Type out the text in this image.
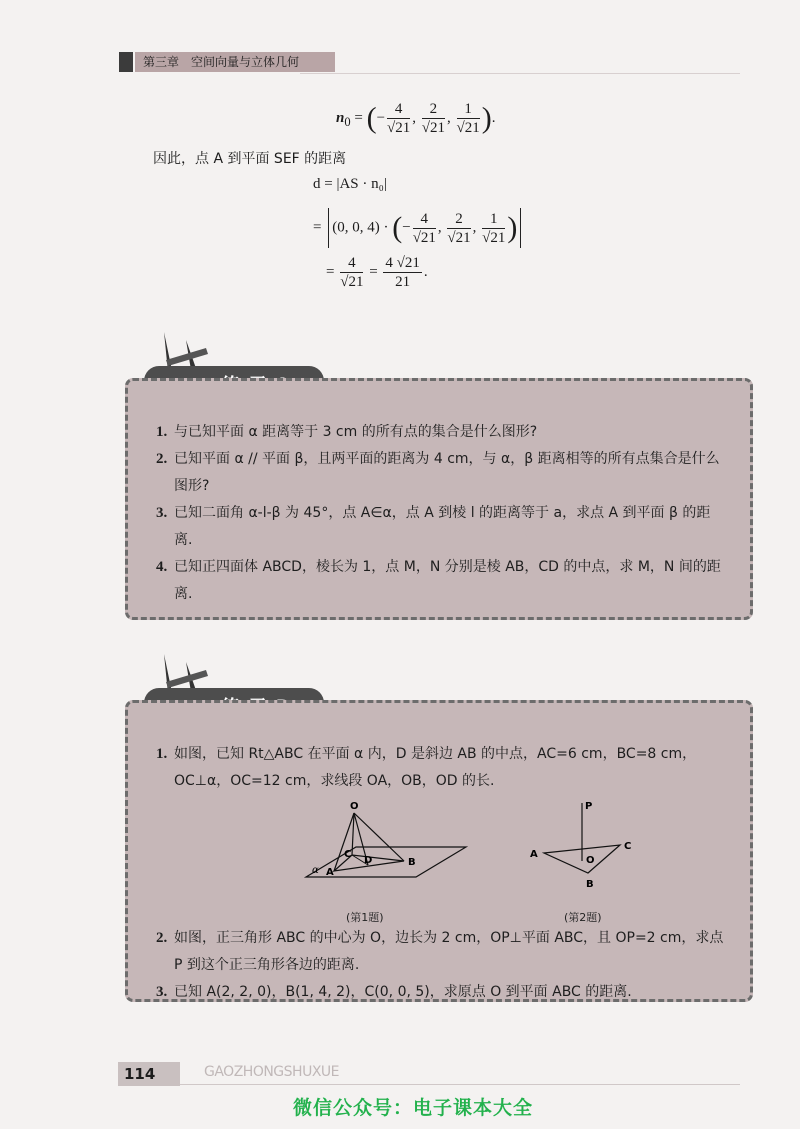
第三章　空间向量与立体几何
$n_0$ = (− $\frac{4}{√21}$ , $\frac{2}{√21}$ , $\frac{1}{√21}$ ).
因此，点 A 到平面 SEF 的距离
d = |AS · n₀|
= (0, 0, 4) · (− $\frac{4}{√21}$ , $\frac{2}{√21}$ , $\frac{1}{√21}$ )
= $\frac{4}{√21} = \frac{4 √21}{21}$ .
1. 与已知平面 α 距离等于 3 cm 的所有点的集合是什么图形?
2. 已知平面 α // 平面 β，且两平面的距离为 4 cm，与 α，β 距离相等的所有点集合是什么图形?
3. 已知二面角 α-l-β 为 45°，点 A∈α，点 A 到棱 l 的距离等于 a，求点 A 到平面 β 的距离.
4. 已知正四面体 ABCD，棱长为 1，点 M，N 分别是棱 AB，CD 的中点，求 M，N 间的距离.
1. 如图，已知 Rt△ABC 在平面 α 内，D 是斜边 AB 的中点，AC=6 cm，BC=8 cm，OC⊥α，OC=12 cm，求线段 OA，OB，OD 的长.
O
C
D	B
A
α
(第1题)
P
A
O
C
B
(第2题)
2. 如图，正三角形 ABC 的中心为 O，边长为 2 cm，OP⊥平面 ABC，且 OP=2 cm，求点 P 到这个正三角形各边的距离.
3. 已知 A(2, 2, 0)，B(1, 4, 2)，C(0, 0, 5)，求原点 O 到平面 ABC 的距离.
114	GAOZHONGSHUXUE
微信公众号：电子课本大全
